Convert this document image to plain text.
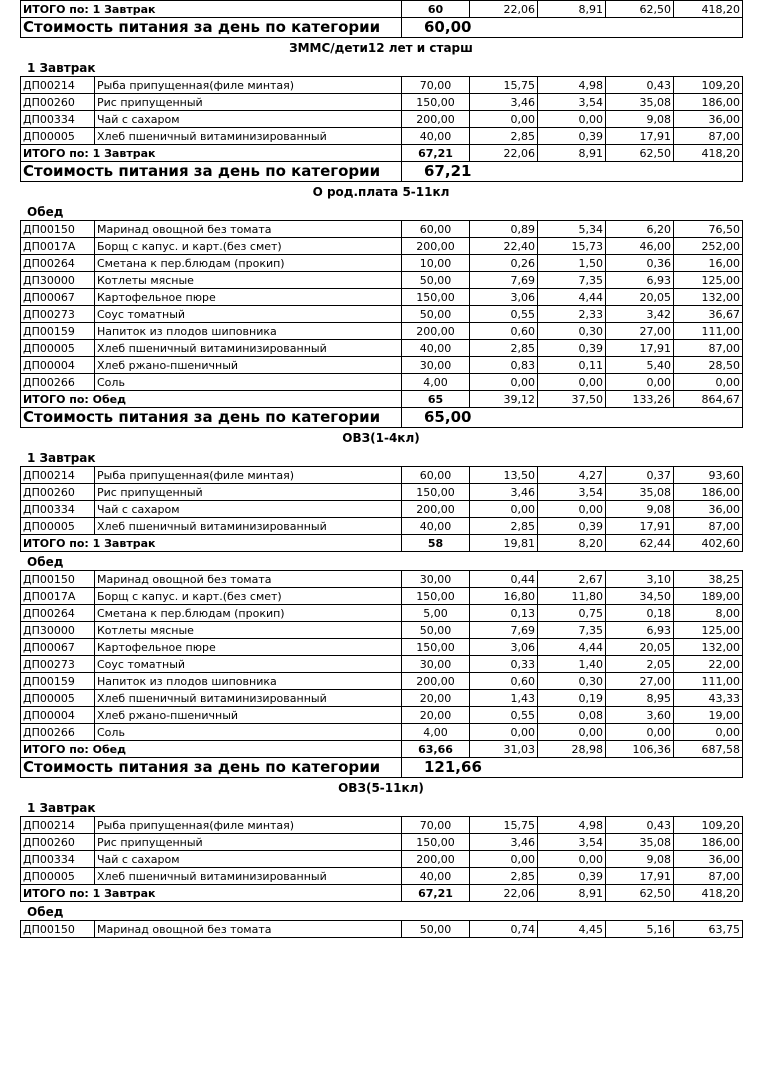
ИТОГО по: 1 Завтрак	60	22,06	8,91	62,50	418,20
Стоимость питания за день по категории	60,00				
ЗММС/дети12 лет и старш
1 Завтрак
ДП00214	Рыба припущенная(филе минтая)	70,00	15,75	4,98	0,43	109,20
ДП00260	Рис припущенный	150,00	3,46	3,54	35,08	186,00
ДП00334	Чай с сахаром	200,00	0,00	0,00	9,08	36,00
ДП00005	Хлеб пшеничный витаминизированный	40,00	2,85	0,39	17,91	87,00
ИТОГО по: 1 Завтрак		67,21	22,06	8,91	62,50	418,20
Стоимость питания за день по категории		67,21				
О род.плата 5-11кл
Обед
ДП00150	Маринад овощной без томата	60,00	0,89	5,34	6,20	76,50
ДП0017А	Борщ с капус. и карт.(без смет)	200,00	22,40	15,73	46,00	252,00
ДП00264	Сметана к пер.блюдам (прокип)	10,00	0,26	1,50	0,36	16,00
ДП30000	Котлеты мясные	50,00	7,69	7,35	6,93	125,00
ДП00067	Картофельное пюре	150,00	3,06	4,44	20,05	132,00
ДП00273	Соус томатный	50,00	0,55	2,33	3,42	36,67
ДП00159	Напиток из плодов шиповника	200,00	0,60	0,30	27,00	111,00
ДП00005	Хлеб пшеничный витаминизированный	40,00	2,85	0,39	17,91	87,00
ДП00004	Хлеб ржано-пшеничный	30,00	0,83	0,11	5,40	28,50
ДП00266	Соль	4,00	0,00	0,00	0,00	0,00
ИТОГО по: Обед		65	39,12	37,50	133,26	864,67
Стоимость питания за день по категории		65,00				
ОВЗ(1-4кл)
1 Завтрак
ДП00214	Рыба припущенная(филе минтая)	60,00	13,50	4,27	0,37	93,60
ДП00260	Рис припущенный	150,00	3,46	3,54	35,08	186,00
ДП00334	Чай с сахаром	200,00	0,00	0,00	9,08	36,00
ДП00005	Хлеб пшеничный витаминизированный	40,00	2,85	0,39	17,91	87,00
ИТОГО по: 1 Завтрак		58	19,81	8,20	62,44	402,60
Обед
ДП00150	Маринад овощной без томата	30,00	0,44	2,67	3,10	38,25
ДП0017А	Борщ с капус. и карт.(без смет)	150,00	16,80	11,80	34,50	189,00
ДП00264	Сметана к пер.блюдам (прокип)	5,00	0,13	0,75	0,18	8,00
ДП30000	Котлеты мясные	50,00	7,69	7,35	6,93	125,00
ДП00067	Картофельное пюре	150,00	3,06	4,44	20,05	132,00
ДП00273	Соус томатный	30,00	0,33	1,40	2,05	22,00
ДП00159	Напиток из плодов шиповника	200,00	0,60	0,30	27,00	111,00
ДП00005	Хлеб пшеничный витаминизированный	20,00	1,43	0,19	8,95	43,33
ДП00004	Хлеб ржано-пшеничный	20,00	0,55	0,08	3,60	19,00
ДП00266	Соль	4,00	0,00	0,00	0,00	0,00
ИТОГО по: Обед		63,66	31,03	28,98	106,36	687,58
Стоимость питания за день по категории		121,66				
ОВЗ(5-11кл)
1 Завтрак
ДП00214	Рыба припущенная(филе минтая)	70,00	15,75	4,98	0,43	109,20
ДП00260	Рис припущенный	150,00	3,46	3,54	35,08	186,00
ДП00334	Чай с сахаром	200,00	0,00	0,00	9,08	36,00
ДП00005	Хлеб пшеничный витаминизированный	40,00	2,85	0,39	17,91	87,00
ИТОГО по: 1 Завтрак		67,21	22,06	8,91	62,50	418,20
Обед
ДП00150	Маринад овощной без томата	50,00	0,74	4,45	5,16	63,75
